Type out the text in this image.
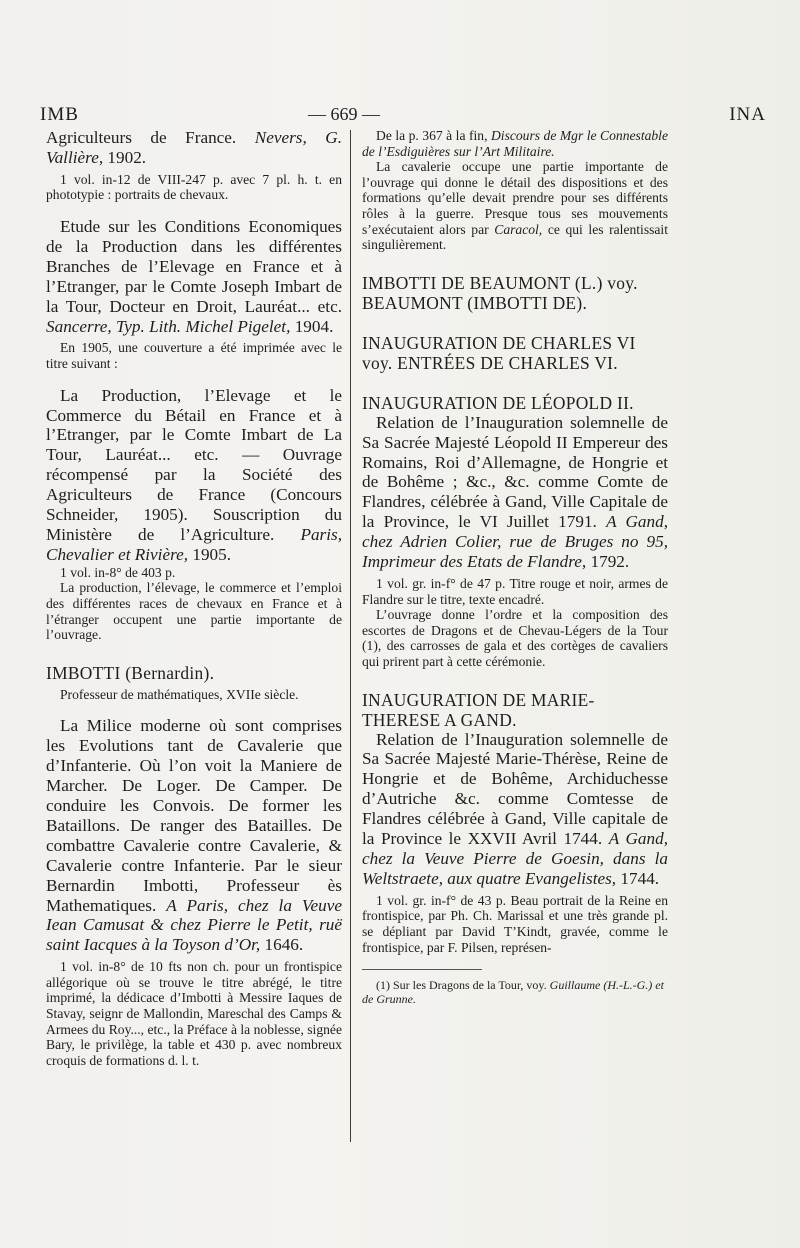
IMB	— 669 —	INA

Agriculteurs de France. Nevers, G. Vallière, 1902.

1 vol. in-12 de VIII-247 p. avec 7 pl. h. t. en phototypie : portraits de chevaux.

Etude sur les Conditions Economiques de la Production dans les différentes Branches de l’Elevage en France et à l’Etranger, par le Comte Joseph Imbart de la Tour, Docteur en Droit, Lauréat... etc. Sancerre, Typ. Lith. Michel Pigelet, 1904.

En 1905, une couverture a été imprimée avec le titre suivant :

La Production, l’Elevage et le Commerce du Bétail en France et à l’Etranger, par le Comte Imbart de La Tour, Lauréat... etc. — Ouvrage récompensé par la Société des Agriculteurs de France (Concours Schneider, 1905). Souscription du Ministère de l’Agriculture. Paris, Chevalier et Rivière, 1905.

1 vol. in-8° de 403 p.

La production, l’élevage, le commerce et l’emploi des différentes races de chevaux en France et à l’étranger occupent une partie importante de l’ouvrage.

IMBOTTI (Bernardin).

Professeur de mathématiques, XVIIe siècle.

La Milice moderne où sont comprises les Evolutions tant de Cavalerie que d’Infanterie. Où l’on voit la Maniere de Marcher. De Loger. De Camper. De conduire les Convois. De former les Bataillons. De ranger des Batailles. De combattre Cavalerie contre Cavalerie, & Cavalerie contre Infanterie. Par le sieur Bernardin Imbotti, Professeur ès Mathematiques. A Paris, chez la Veuve Iean Camusat & chez Pierre le Petit, ruë saint Iacques à la Toyson d’Or, 1646.

1 vol. in-8° de 10 fts non ch. pour un frontispice allégorique où se trouve le titre abrégé, le titre imprimé, la dédicace d’Imbotti à Messire Iaques de Stavay, seignr de Mallondin, Mareschal des Camps & Armees du Roy..., etc., la Préface à la noblesse, signée Bary, le privilège, la table et 430 p. avec nombreux croquis de formations d. l. t.

De la p. 367 à la fin, Discours de Mgr le Connestable de l’Esdiguières sur l’Art Militaire.

La cavalerie occupe une partie importante de l’ouvrage qui donne le détail des dispositions et des formations qu’elle devait prendre pour ses différents rôles à la guerre. Presque tous ses mouvements s’exécutaient alors par Caracol, ce qui les ralentissait singulièrement.

IMBOTTI DE BEAUMONT (L.) voy. BEAUMONT (IMBOTTI DE).

INAUGURATION DE CHARLES VI voy. ENTRÉES DE CHARLES VI.

INAUGURATION DE LÉOPOLD II.

Relation de l’Inauguration solemnelle de Sa Sacrée Majesté Léopold II Empereur des Romains, Roi d’Allemagne, de Hongrie et de Bohême ; &c., &c. comme Comte de Flandres, célébrée à Gand, Ville Capitale de la Province, le VI Juillet 1791. A Gand, chez Adrien Colier, rue de Bruges no 95, Imprimeur des Etats de Flandre, 1792.

1 vol. gr. in-f° de 47 p. Titre rouge et noir, armes de Flandre sur le titre, texte encadré.

L’ouvrage donne l’ordre et la composition des escortes de Dragons et de Chevau-Légers de la Tour (1), des carrosses de gala et des cortèges de cavaliers qui prirent part à cette cérémonie.

INAUGURATION DE MARIE-THERESE A GAND.

Relation de l’Inauguration solemnelle de Sa Sacrée Majesté Marie-Thérèse, Reine de Hongrie et de Bohême, Archiduchesse d’Autriche &c. comme Comtesse de Flandres célébrée à Gand, Ville capitale de la Province le XXVII Avril 1744. A Gand, chez la Veuve Pierre de Goesin, dans la Weltstraete, aux quatre Evangelistes, 1744.

1 vol. gr. in-f° de 43 p. Beau portrait de la Reine en frontispice, par Ph. Ch. Marissal et une très grande pl. se dépliant par David T’Kindt, gravée, comme le frontispice, par F. Pilsen, représen-

(1) Sur les Dragons de la Tour, voy. Guillaume (H.-L.-G.) et de Grunne.
